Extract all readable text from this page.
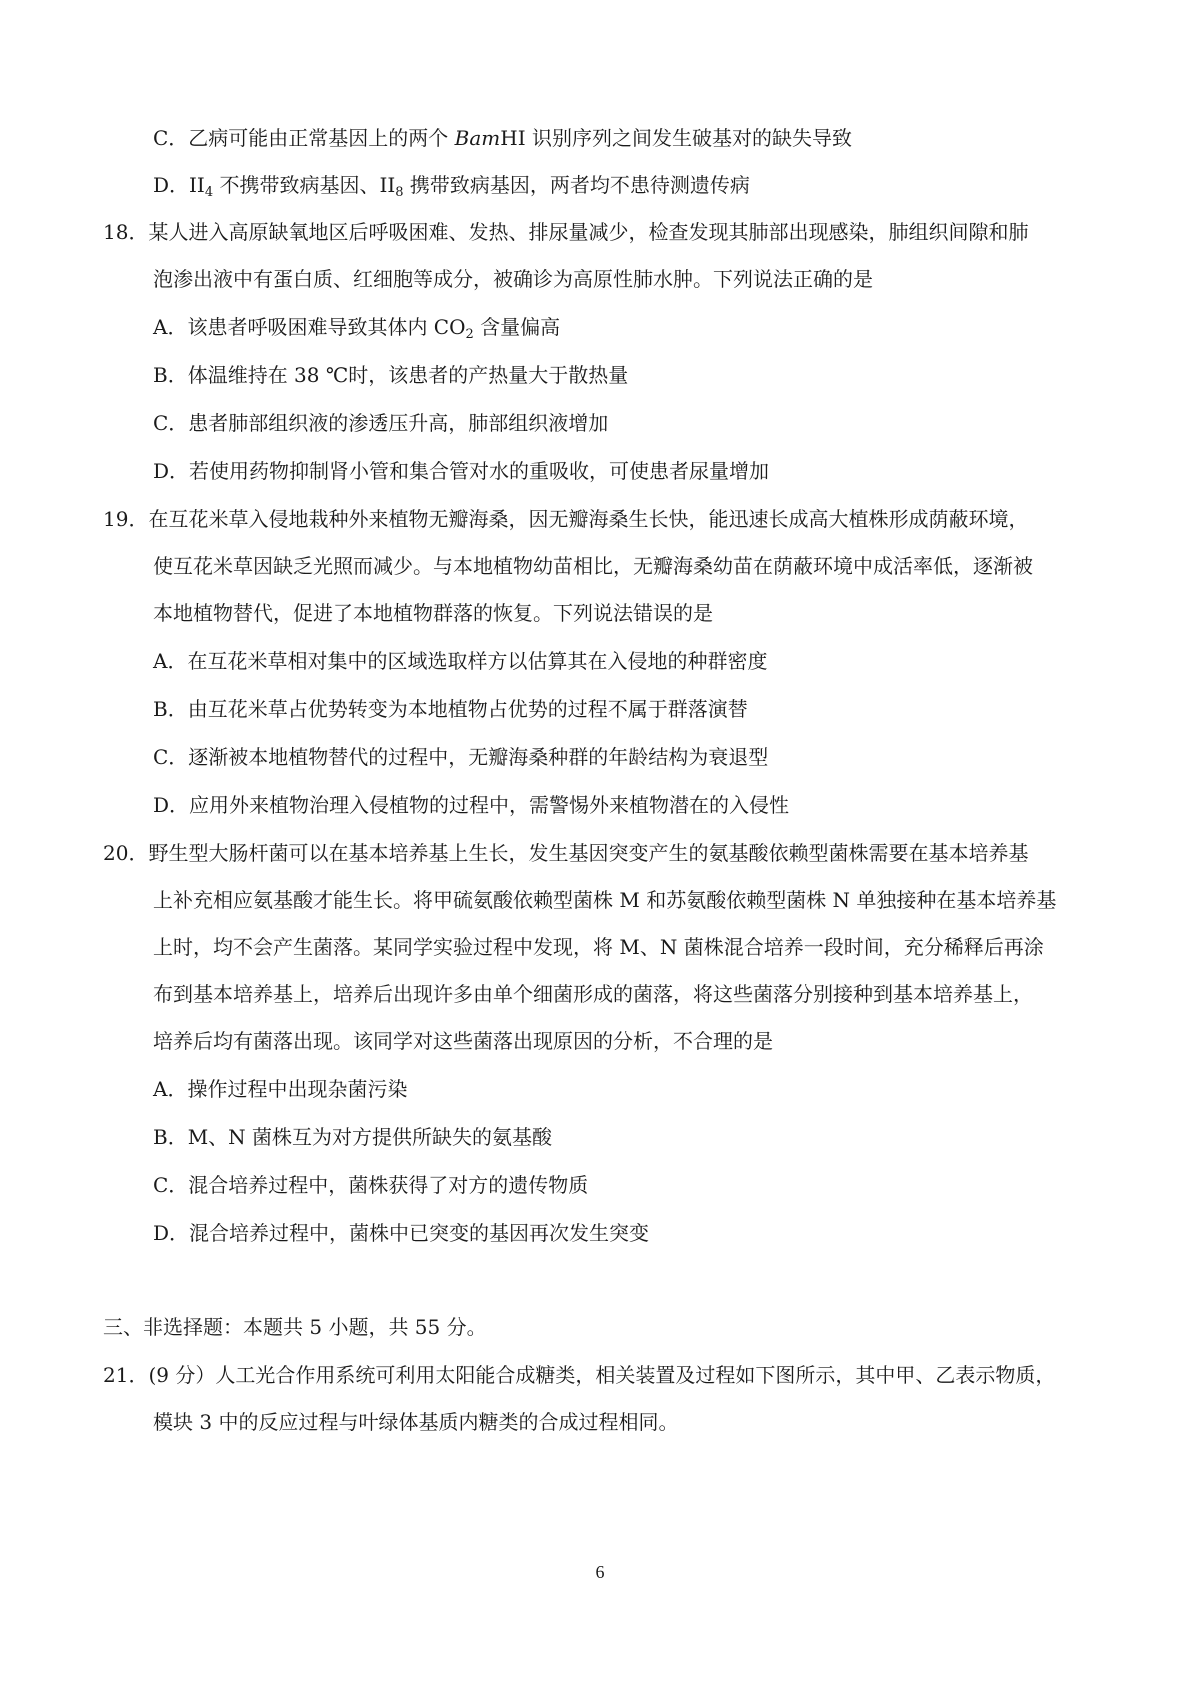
C．乙病可能由正常基因上的两个 BamHI 识别序列之间发生破基对的缺失导致
D．$II_4$ 不携带致病基因、$II_8$ 携带致病基因，两者均不患待测遗传病
18．某人进入高原缺氧地区后呼吸困难、发热、排尿量减少，检查发现其肺部出现感染，肺组织间隙和肺
泡渗出液中有蛋白质、红细胞等成分，被确诊为高原性肺水肿。下列说法正确的是
A．该患者呼吸困难导致其体内 $CO_2$ 含量偏高
B．体温维持在 38 ℃时，该患者的产热量大于散热量
C．患者肺部组织液的渗透压升高，肺部组织液增加
D．若使用药物抑制肾小管和集合管对水的重吸收，可使患者尿量增加
19．在互花米草入侵地栽种外来植物无瓣海桑，因无瓣海桑生长快，能迅速长成高大植株形成荫蔽环境，
使互花米草因缺乏光照而减少。与本地植物幼苗相比，无瓣海桑幼苗在荫蔽环境中成活率低，逐渐被
本地植物替代，促进了本地植物群落的恢复。下列说法错误的是
A．在互花米草相对集中的区域选取样方以估算其在入侵地的种群密度
B．由互花米草占优势转变为本地植物占优势的过程不属于群落演替
C．逐渐被本地植物替代的过程中，无瓣海桑种群的年龄结构为衰退型
D．应用外来植物治理入侵植物的过程中，需警惕外来植物潜在的入侵性
20．野生型大肠杆菌可以在基本培养基上生长，发生基因突变产生的氨基酸依赖型菌株需要在基本培养基
上补充相应氨基酸才能生长。将甲硫氨酸依赖型菌株 M 和苏氨酸依赖型菌株 N 单独接种在基本培养基
上时，均不会产生菌落。某同学实验过程中发现，将 M、N 菌株混合培养一段时间，充分稀释后再涂
布到基本培养基上，培养后出现许多由单个细菌形成的菌落，将这些菌落分别接种到基本培养基上，
培养后均有菌落出现。该同学对这些菌落出现原因的分析，不合理的是
A．操作过程中出现杂菌污染
B．M、N 菌株互为对方提供所缺失的氨基酸
C．混合培养过程中，菌株获得了对方的遗传物质
D．混合培养过程中，菌株中已突变的基因再次发生突变
三、非选择题：本题共 5 小题，共 55 分。
21．(9 分）人工光合作用系统可利用太阳能合成糖类，相关装置及过程如下图所示，其中甲、乙表示物质，
模块 3 中的反应过程与叶绿体基质内糖类的合成过程相同。
6
